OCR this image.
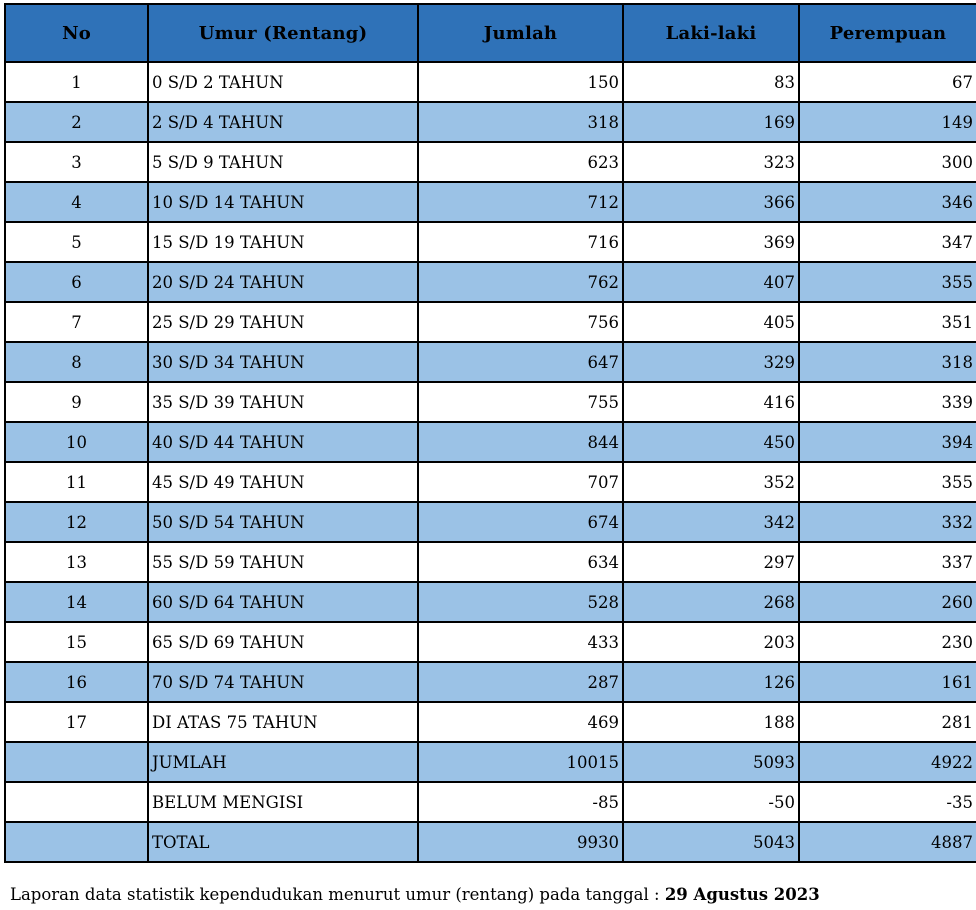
No	Umur (Rentang)	Jumlah	Laki-laki	Perempuan
1	0 S/D 2 TAHUN	150	83	67
2	2 S/D 4 TAHUN	318	169	149
3	5 S/D 9 TAHUN	623	323	300
4	10 S/D 14 TAHUN	712	366	346
5	15 S/D 19 TAHUN	716	369	347
6	20 S/D 24 TAHUN	762	407	355
7	25 S/D 29 TAHUN	756	405	351
8	30 S/D 34 TAHUN	647	329	318
9	35 S/D 39 TAHUN	755	416	339
10	40 S/D 44 TAHUN	844	450	394
11	45 S/D 49 TAHUN	707	352	355
12	50 S/D 54 TAHUN	674	342	332
13	55 S/D 59 TAHUN	634	297	337
14	60 S/D 64 TAHUN	528	268	260
15	65 S/D 69 TAHUN	433	203	230
16	70 S/D 74 TAHUN	287	126	161
17	DI ATAS 75 TAHUN	469	188	281
	JUMLAH	10015	5093	4922
	BELUM MENGISI	-85	-50	-35
	TOTAL	9930	5043	4887
Laporan data statistik kependudukan menurut umur (rentang) pada tanggal : 29 Agustus 2023
